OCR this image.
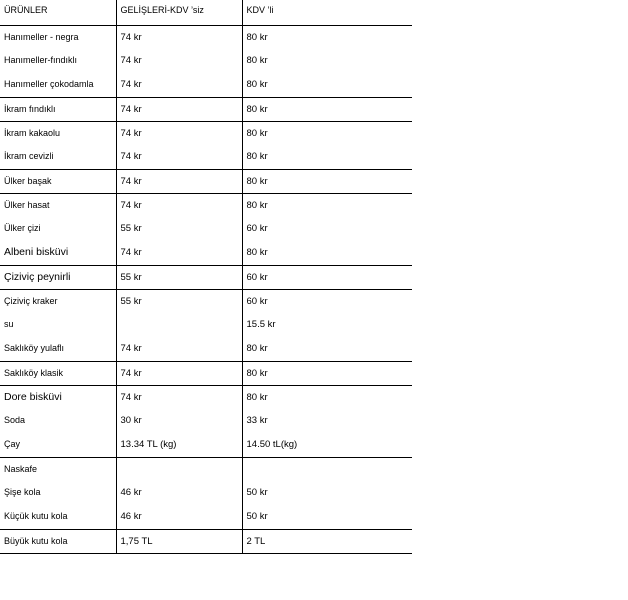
ÜRÜNLER	GELİŞLERİ-KDV ’siz	KDV ’li
Hanımeller - negra	74 kr	80 kr
Hanımeller-fındıklı	74 kr	80 kr
Hanımeller çokodamla	74 kr	80 kr
İkram fındıklı	74 kr	80 kr
İkram kakaolu	74 kr	80 kr
İkram cevizli	74 kr	80 kr
Ülker başak	74 kr	80 kr
Ülker hasat	74 kr	80 kr
Ülker çizi	55 kr	60 kr
Albeni bisküvi	74 kr	80 kr
Çiziviç peynirli	55 kr	60 kr
Çiziviç kraker	55 kr	60 kr
su		15.5 kr
Saklıköy yulaflı	74 kr	80 kr
Saklıköy klasik	74 kr	80 kr
Dore bisküvi	74 kr	80 kr
Soda	30 kr	33 kr
Çay	13.34 TL (kg)	14.50 tL(kg)
Naskafe		
Şişe kola	46 kr	50 kr
Küçük kutu kola	46 kr	50 kr
Büyük kutu kola	1,75 TL	2 TL
